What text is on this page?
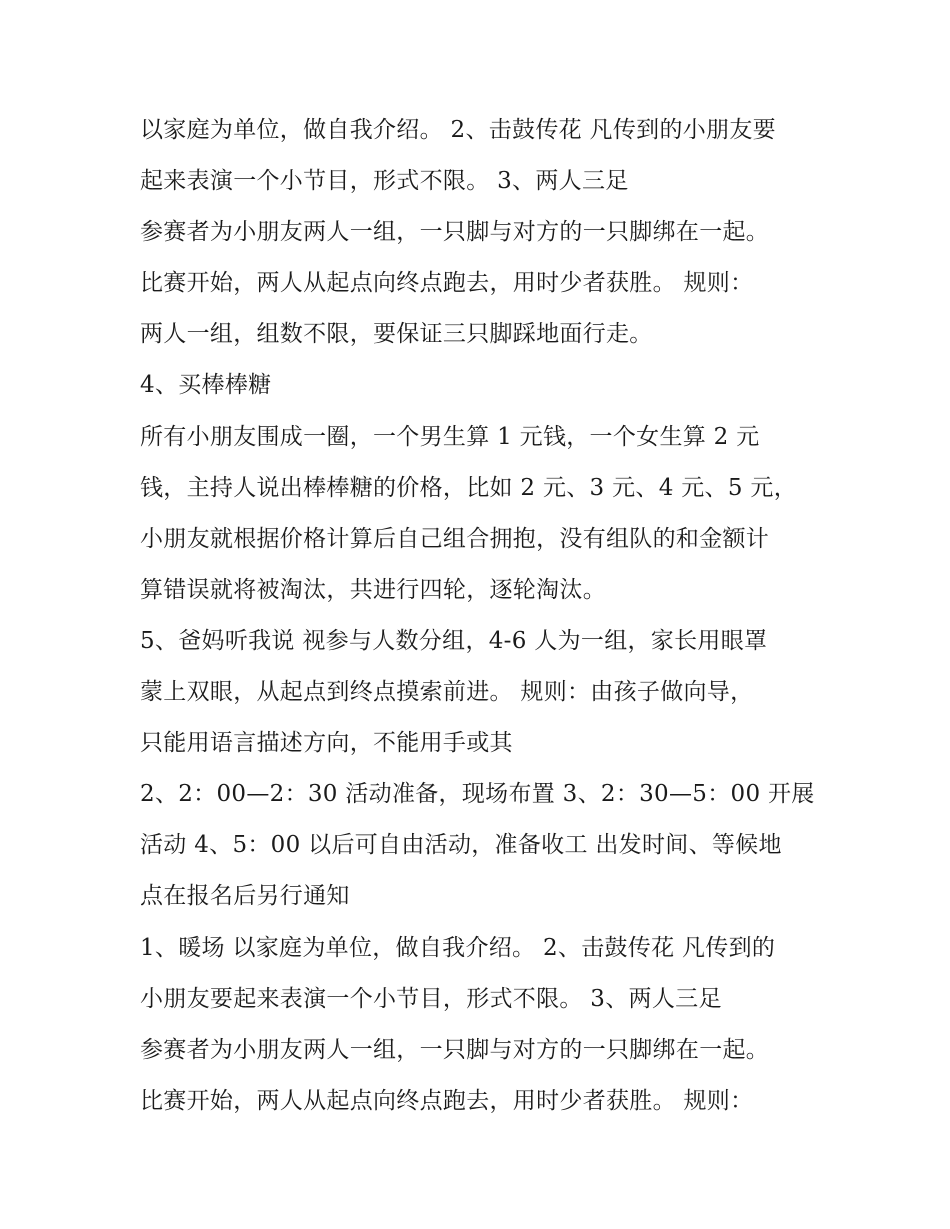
以家庭为单位，做自我介绍。 2、击鼓传花 凡传到的小朋友要
起来表演一个小节目，形式不限。 3、两人三足
参赛者为小朋友两人一组，一只脚与对方的一只脚绑在一起。
比赛开始，两人从起点向终点跑去，用时少者获胜。 规则：
两人一组，组数不限，要保证三只脚踩地面行走。
4、买棒棒糖
所有小朋友围成一圈，一个男生算 1 元钱，一个女生算 2 元
钱，主持人说出棒棒糖的价格，比如 2 元、3 元、4 元、5 元，
小朋友就根据价格计算后自己组合拥抱，没有组队的和金额计
算错误就将被淘汰，共进行四轮，逐轮淘汰。
5、爸妈听我说 视参与人数分组，4-6 人为一组，家长用眼罩
蒙上双眼，从起点到终点摸索前进。 规则：由孩子做向导，
只能用语言描述方向，不能用手或其
2、2：00—2：30 活动准备，现场布置 3、2：30—5：00 开展
活动 4、5：00 以后可自由活动，准备收工 出发时间、等候地
点在报名后另行通知
1、暖场 以家庭为单位，做自我介绍。 2、击鼓传花 凡传到的
小朋友要起来表演一个小节目，形式不限。 3、两人三足
参赛者为小朋友两人一组，一只脚与对方的一只脚绑在一起。
比赛开始，两人从起点向终点跑去，用时少者获胜。 规则：
